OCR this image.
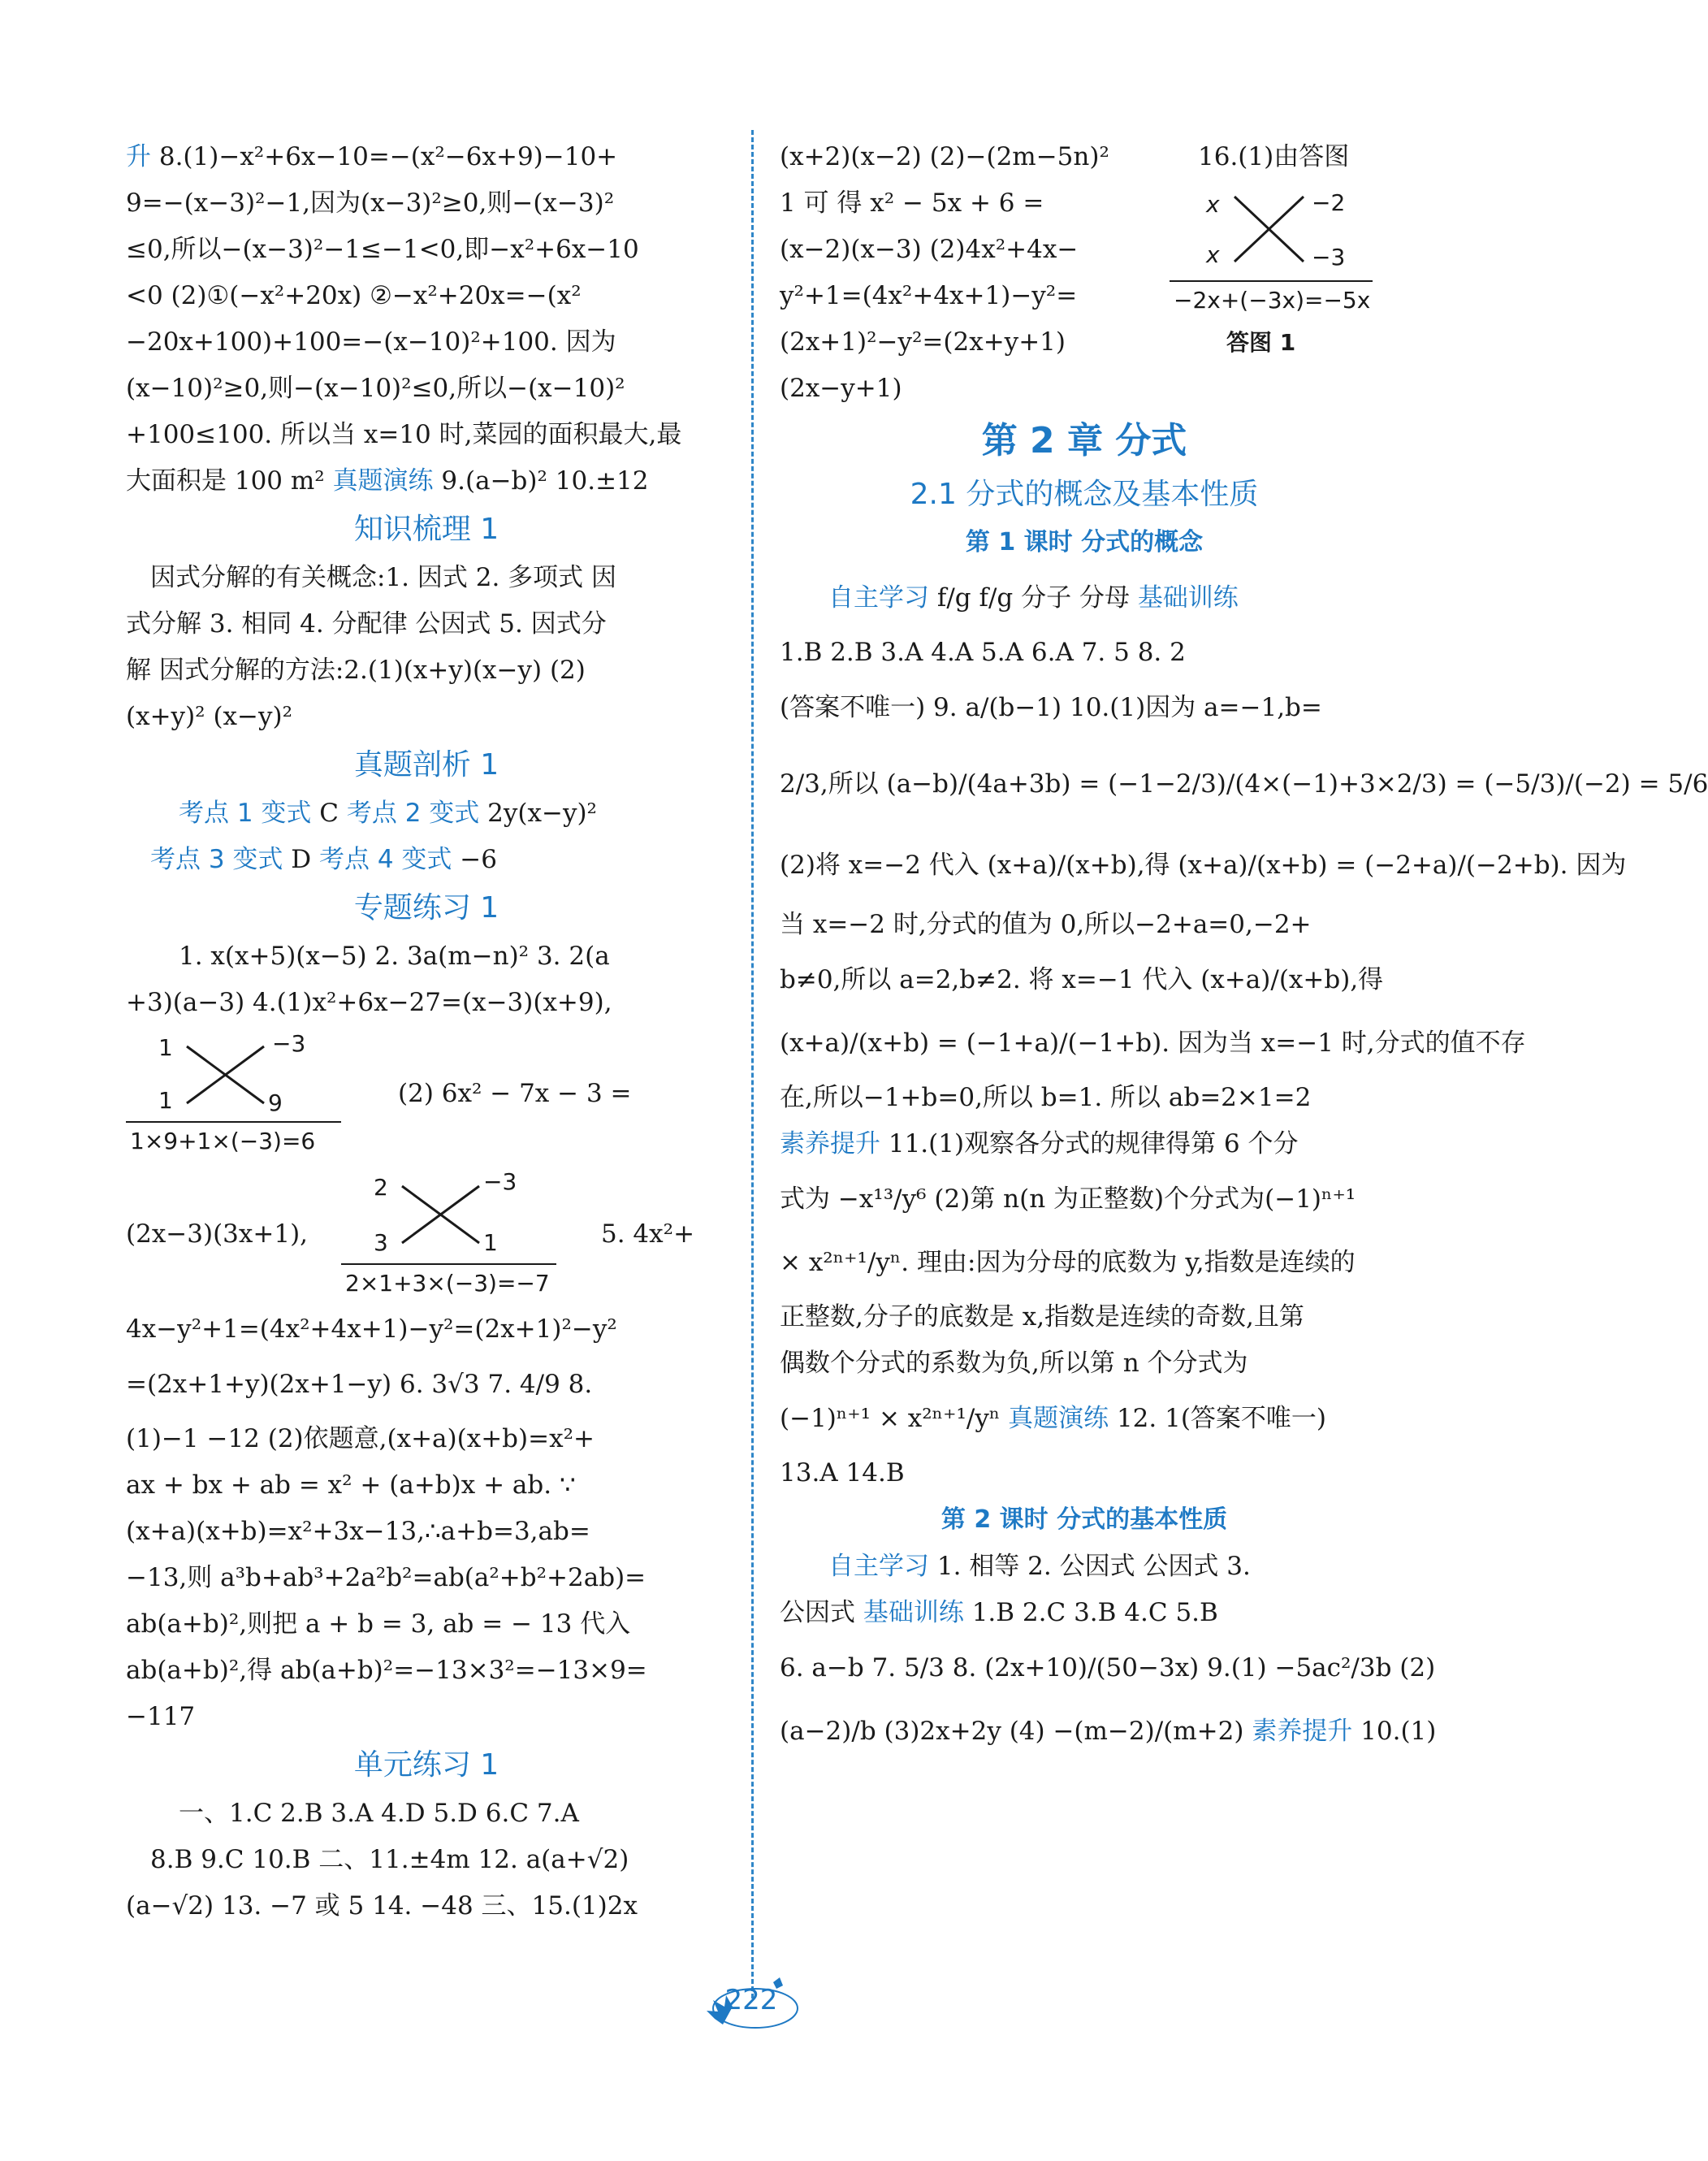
升 8.(1)−x²+6x−10=−(x²−6x+9)−10+
9=−(x−3)²−1,因为(x−3)²≥0,则−(x−3)²
≤0,所以−(x−3)²−1≤−1<0,即−x²+6x−10
<0 (2)①(−x²+20x) ②−x²+20x=−(x²
−20x+100)+100=−(x−10)²+100. 因为
(x−10)²≥0,则−(x−10)²≤0,所以−(x−10)²
+100≤100. 所以当 x=10 时,菜园的面积最大,最
大面积是 100 m² 真题演练 9.(a−b)² 10.±12
知识梳理 1
因式分解的有关概念:1. 因式 2. 多项式 因
式分解 3. 相同 4. 分配律 公因式 5. 因式分
解 因式分解的方法:2.(1)(x+y)(x−y) (2)
(x+y)² (x−y)²
真题剖析 1
考点 1 变式 C 考点 2 变式 2y(x−y)²
考点 3 变式 D 考点 4 变式 −6
专题练习 1
1. x(x+5)(x−5) 2. 3a(m−n)² 3. 2(a
+3)(a−3) 4.(1)x²+6x−27=(x−3)(x+9),
1	−3
1	9
1×9+1×(−3)=6
(2) 6x² − 7x − 3 =
(2x−3)(3x+1),
2	−3
3	1
2×1+3×(−3)=−7
5. 4x²+
4x−y²+1=(4x²+4x+1)−y²=(2x+1)²−y²
=(2x+1+y)(2x+1−y) 6. 3√3 7. 4/9 8.
(1)−1 −12 (2)依题意,(x+a)(x+b)=x²+
ax + bx + ab = x² + (a+b)x + ab. ∵
(x+a)(x+b)=x²+3x−13,∴a+b=3,ab=
−13,则 a³b+ab³+2a²b²=ab(a²+b²+2ab)=
ab(a+b)²,则把 a + b = 3, ab = − 13 代入
ab(a+b)²,得 ab(a+b)²=−13×3²=−13×9=
−117
单元练习 1
一、1.C 2.B 3.A 4.D 5.D 6.C 7.A
8.B 9.C 10.B 二、11.±4m 12. a(a+√2)
(a−√2) 13. −7 或 5 14. −48 三、15.(1)2x
(x+2)(x−2) (2)−(2m−5n)²
1 可 得 x² − 5x + 6 =
(x−2)(x−3) (2)4x²+4x−
y²+1=(4x²+4x+1)−y²=
(2x+1)²−y²=(2x+y+1)
(2x−y+1)
16.(1)由答图
x	−2
x	−3
−2x+(−3x)=−5x
答图 1
第 2 章 分式
2.1 分式的概念及基本性质
第 1 课时 分式的概念
自主学习 f/g f/g 分子 分母 基础训练
1.B 2.B 3.A 4.A 5.A 6.A 7. 5 8. 2
(答案不唯一) 9. a/(b−1) 10.(1)因为 a=−1,b=
2/3,所以 (a−b)/(4a+3b) = (−1−2/3)/(4×(−1)+3×2/3) = (−5/3)/(−2) = 5/6
(2)将 x=−2 代入 (x+a)/(x+b),得 (x+a)/(x+b) = (−2+a)/(−2+b). 因为
当 x=−2 时,分式的值为 0,所以−2+a=0,−2+
b≠0,所以 a=2,b≠2. 将 x=−1 代入 (x+a)/(x+b),得
(x+a)/(x+b) = (−1+a)/(−1+b). 因为当 x=−1 时,分式的值不存
在,所以−1+b=0,所以 b=1. 所以 ab=2×1=2
素养提升 11.(1)观察各分式的规律得第 6 个分
式为 −x¹³/y⁶ (2)第 n(n 为正整数)个分式为(−1)ⁿ⁺¹
× x²ⁿ⁺¹/yⁿ. 理由:因为分母的底数为 y,指数是连续的
正整数,分子的底数是 x,指数是连续的奇数,且第
偶数个分式的系数为负,所以第 n 个分式为
(−1)ⁿ⁺¹ × x²ⁿ⁺¹/yⁿ 真题演练 12. 1(答案不唯一)
13.A 14.B
第 2 课时 分式的基本性质
自主学习 1. 相等 2. 公因式 公因式 3.
公因式 基础训练 1.B 2.C 3.B 4.C 5.B
6. a−b 7. 5/3 8. (2x+10)/(50−3x) 9.(1) −5ac²/3b (2)
(a−2)/b (3)2x+2y (4) −(m−2)/(m+2) 素养提升 10.(1)
222
